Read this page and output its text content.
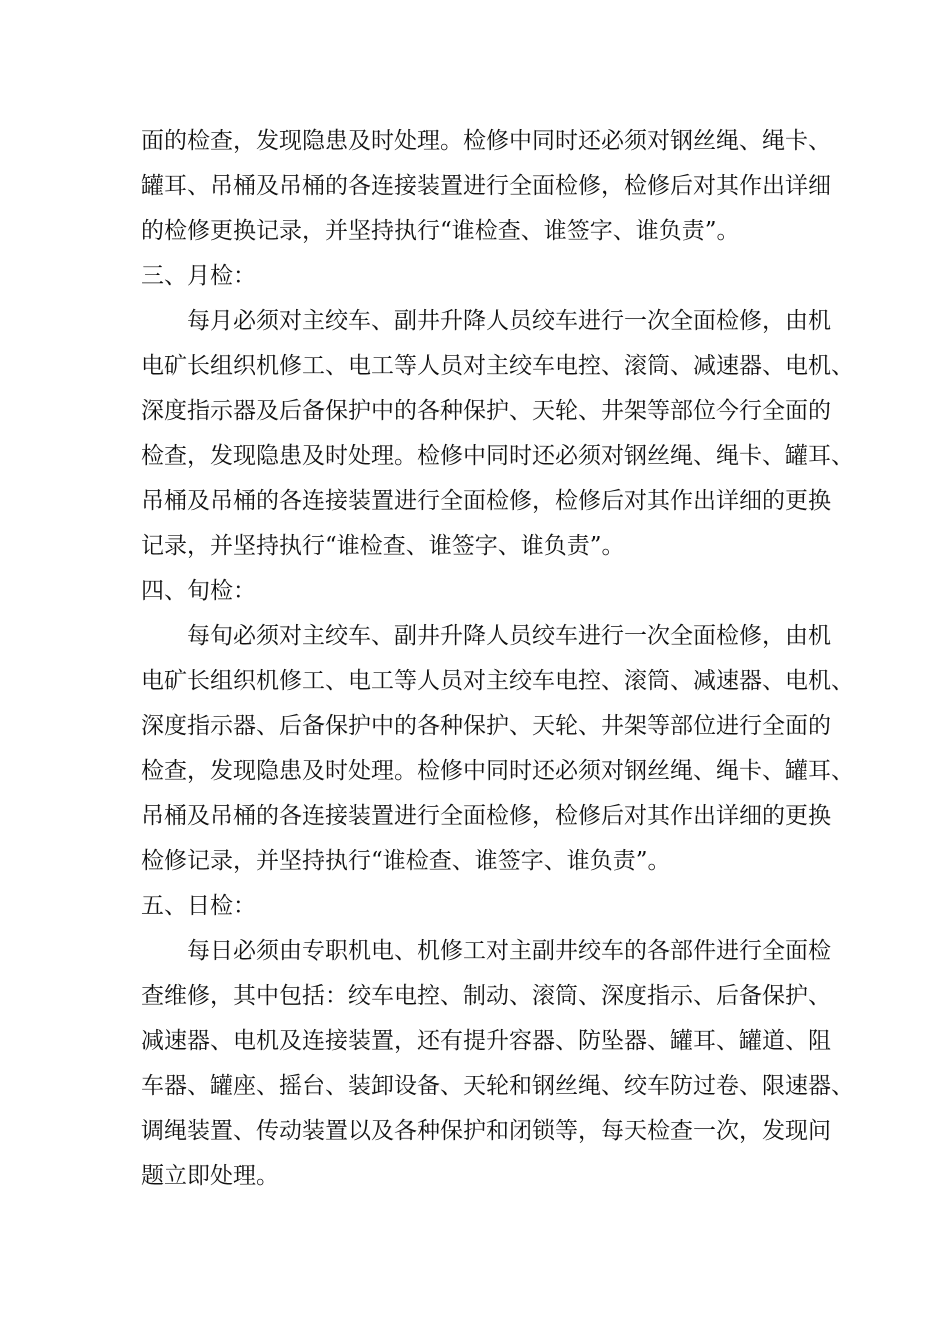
面的检查，发现隐患及时处理。检修中同时还必须对钢丝绳、绳卡、
罐耳、吊桶及吊桶的各连接装置进行全面检修，检修后对其作出详细
的检修更换记录，并坚持执行“谁检查、谁签字、谁负责”。
三、月检：
每月必须对主绞车、副井升降人员绞车进行一次全面检修，由机
电矿长组织机修工、电工等人员对主绞车电控、滚筒、减速器、电机、
深度指示器及后备保护中的各种保护、天轮、井架等部位今行全面的
检查，发现隐患及时处理。检修中同时还必须对钢丝绳、绳卡、罐耳、
吊桶及吊桶的各连接装置进行全面检修，检修后对其作出详细的更换
记录，并坚持执行“谁检查、谁签字、谁负责”。
四、旬检：
每旬必须对主绞车、副井升降人员绞车进行一次全面检修，由机
电矿长组织机修工、电工等人员对主绞车电控、滚筒、减速器、电机、
深度指示器、后备保护中的各种保护、天轮、井架等部位进行全面的
检查，发现隐患及时处理。检修中同时还必须对钢丝绳、绳卡、罐耳、
吊桶及吊桶的各连接装置进行全面检修，检修后对其作出详细的更换
检修记录，并坚持执行“谁检查、谁签字、谁负责”。
五、日检：
每日必须由专职机电、机修工对主副井绞车的各部件进行全面检
查维修，其中包括：绞车电控、制动、滚筒、深度指示、后备保护、
减速器、电机及连接装置，还有提升容器、防坠器、罐耳、罐道、阻
车器、罐座、摇台、装卸设备、天轮和钢丝绳、绞车防过卷、限速器、
调绳装置、传动装置以及各种保护和闭锁等，每天检查一次，发现问
题立即处理。
